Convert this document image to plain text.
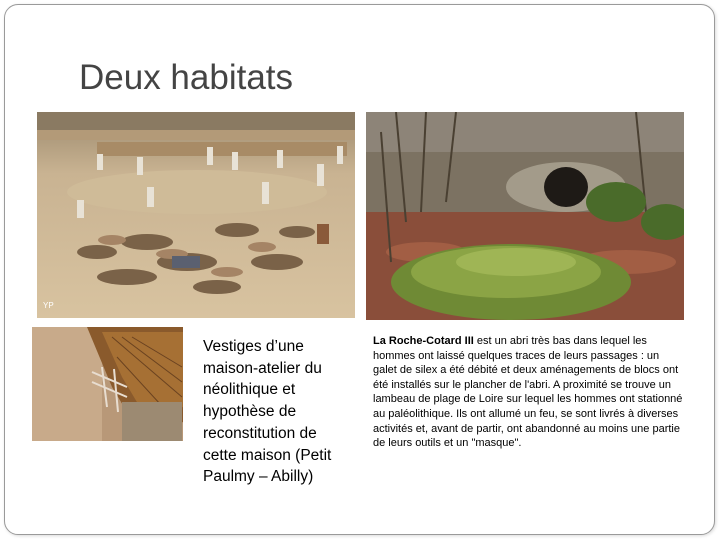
Deux habitats
YP
Vestiges d’une maison-atelier du néolithique et hypothèse de reconstitution de cette maison (Petit Paulmy – Abilly)
La Roche-Cotard III est un abri très bas dans lequel les hommes ont laissé quelques traces de leurs passages : un galet de silex a été débité et deux aménagements de blocs ont été installés sur le plancher de l'abri. A proximité se trouve un lambeau de plage de Loire sur lequel les hommes ont stationné au paléolithique. Ils ont allumé un feu, se sont livrés à diverses activités et, avant de partir, ont abandonné au moins une partie de leurs outils et un "masque".
